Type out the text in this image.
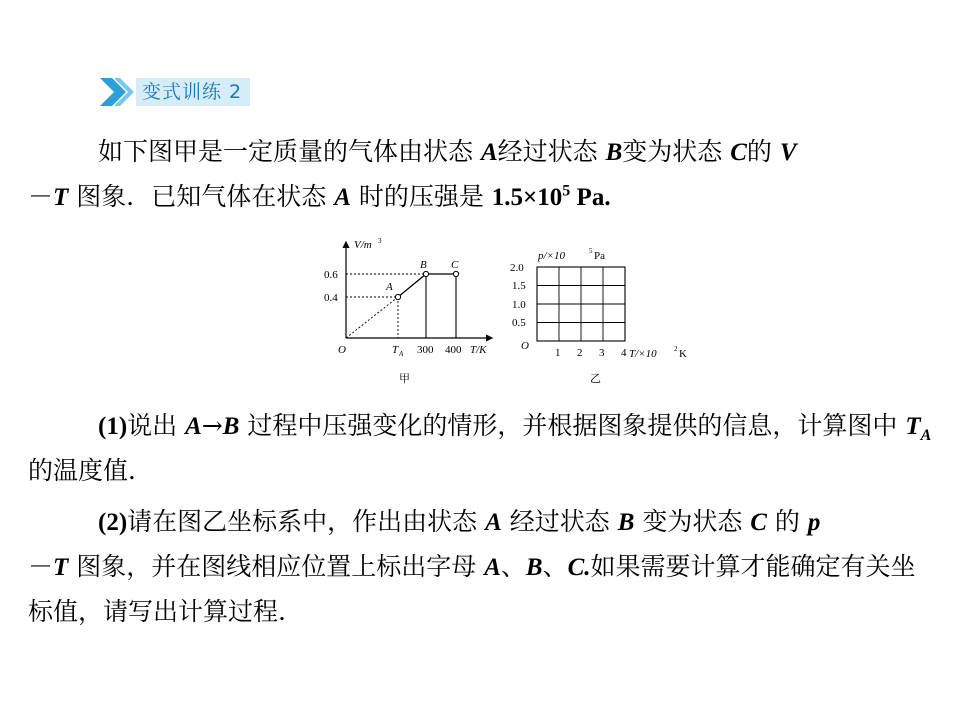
变式训练 2
如下图甲是一定质量的气体由状态 A经过状态 B变为状态 C的 V
－T 图象．已知气体在状态 A 时的压强是 $1.5\times 10^5$ Pa.
V/m 3
0.6
0.4
O	T A 300 400 T/K
A
B C
甲
p/×10	5 Pa
2.0
1.5
1.0
0.5
O
1 2 3 4 T/×10 2 K
乙
(1)说出 A→B 过程中压强变化的情形，并根据图象提供的信息，计算图中 $T_A$ 的温度值．
(2)请在图乙坐标系中，作出由状态 A 经过状态 B 变为状态 C 的 p
－T 图象，并在图线相应位置上标出字母 A、B、C.如果需要计算才能确定有关坐标值，请写出计算过程.
